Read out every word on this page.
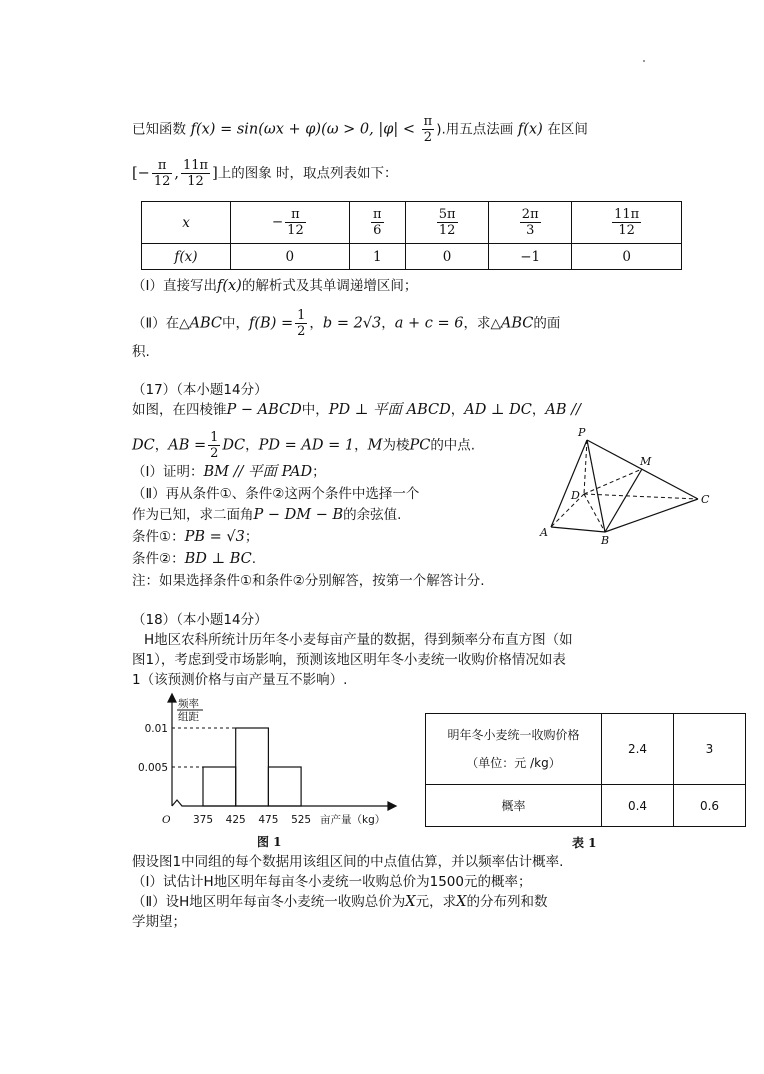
已知函数 f(x) = sin(ωx + φ)(ω > 0, $|\varphi| < \frac{\pi}{2}$ ).用五点法画 f(x) 在区间
[− $\frac{\pi}{12}$ , $\frac{11\pi}{12}$ ]上的图象 时，取点列表如下：
x	− $\frac{\pi}{12}$	$\frac{\pi}{6}$	$\frac{5\pi}{12}$	$\frac{2\pi}{3}$	$\frac{11\pi}{12}$

f(x)	0	1	0	−1	0
（Ⅰ）直接写出f(x)的解析式及其单调递增区间；
（Ⅱ）在△ABC中，$f(B) = \frac{1}{2}$ ，b = 2√3，a + c = 6，求△ABC的面
积.
（17）（本小题14分）
如图，在四棱锥P − ABCD中，PD ⊥ 平面 ABCD，AD ⊥ DC，AB //
DC，AB = $\frac{1}{2}$ DC，PD = AD = 1，M为棱PC的中点.
（Ⅰ）证明：BM // 平面 PAD；
（Ⅱ）再从条件①、条件②这两个条件中选择一个
作为已知，求二面角P − DM − B的余弦值.
条件①：PB = √3；
条件②：BD ⊥ BC.
注：如果选择条件①和条件②分别解答，按第一个解答计分.
P
M
D	C
A
B
（18）（本小题14分）
H地区农科所统计历年冬小麦每亩产量的数据，得到频率分布直方图（如
图1），考虑到受市场影响，预测该地区明年冬小麦统一收购价格情况如表
1（该预测价格与亩产量互不影响）.
频率
组距
O	亩产量（kg）
0.01
0.005
375 425 475 525
图 1
明年冬小麦统一收购价格
（单位：元 /kg）	2.4	3
概率	0.4	0.6
表 1
假设图1中同组的每个数据用该组区间的中点值估算，并以频率估计概率.
（Ⅰ）试估计H地区明年每亩冬小麦统一收购总价为1500元的概率；
（Ⅱ）设H地区明年每亩冬小麦统一收购总价为X元，求X的分布列和数
学期望；
